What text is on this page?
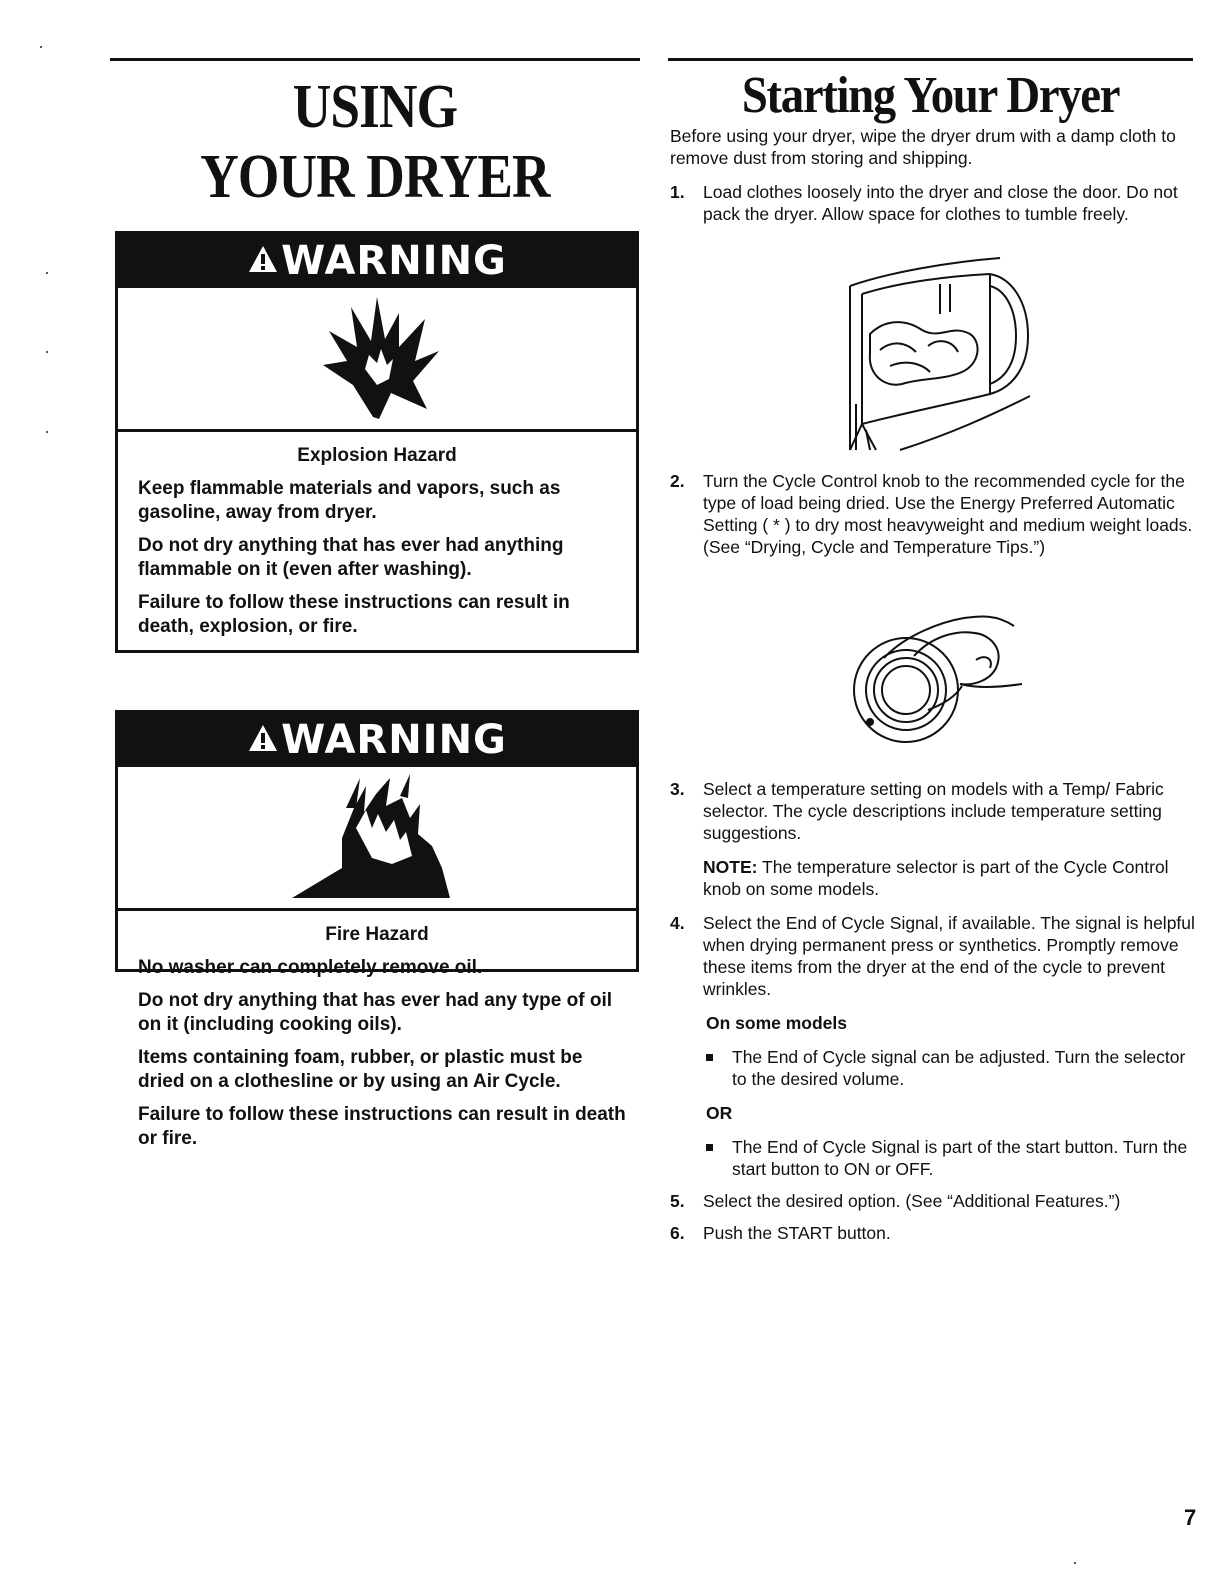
USING
YOUR DRYER
WARNING
Explosion Hazard

Keep flammable materials and vapors, such as gasoline, away from dryer.

Do not dry anything that has ever had anything flammable on it (even after washing).

Failure to follow these instructions can result in death, explosion, or fire.

WARNING
Fire Hazard

No washer can completely remove oil.

Do not dry anything that has ever had any type of oil on it (including cooking oils).

Items containing foam, rubber, or plastic must be dried on a clothesline or by using an Air Cycle.

Failure to follow these instructions can result in death or fire.

Starting Your Dryer
Before using your dryer, wipe the dryer drum with a damp cloth to remove dust from storing and shipping.
1.	Load clothes loosely into the dryer and close the door. Do not pack the dryer. Allow space for clothes to tumble freely.
2.	Turn the Cycle Control knob to the recommended cycle for the type of load being dried. Use the Energy Preferred Automatic Setting ( * ) to dry most heavyweight and medium weight loads. (See “Drying, Cycle and Temperature Tips.”)
3.	Select a temperature setting on models with a Temp/ Fabric selector. The cycle descriptions include temperature setting suggestions.
NOTE: The temperature selector is part of the Cycle Control knob on some models.
4.	Select the End of Cycle Signal, if available. The signal is helpful when drying permanent press or synthetics. Promptly remove these items from the dryer at the end of the cycle to prevent wrinkles.
On some models
The End of Cycle signal can be adjusted. Turn the selector to the desired volume.
OR
The End of Cycle Signal is part of the start button. Turn the start button to ON or OFF.
5.	Select the desired option. (See “Additional Features.”)
6.	Push the START button.
7
